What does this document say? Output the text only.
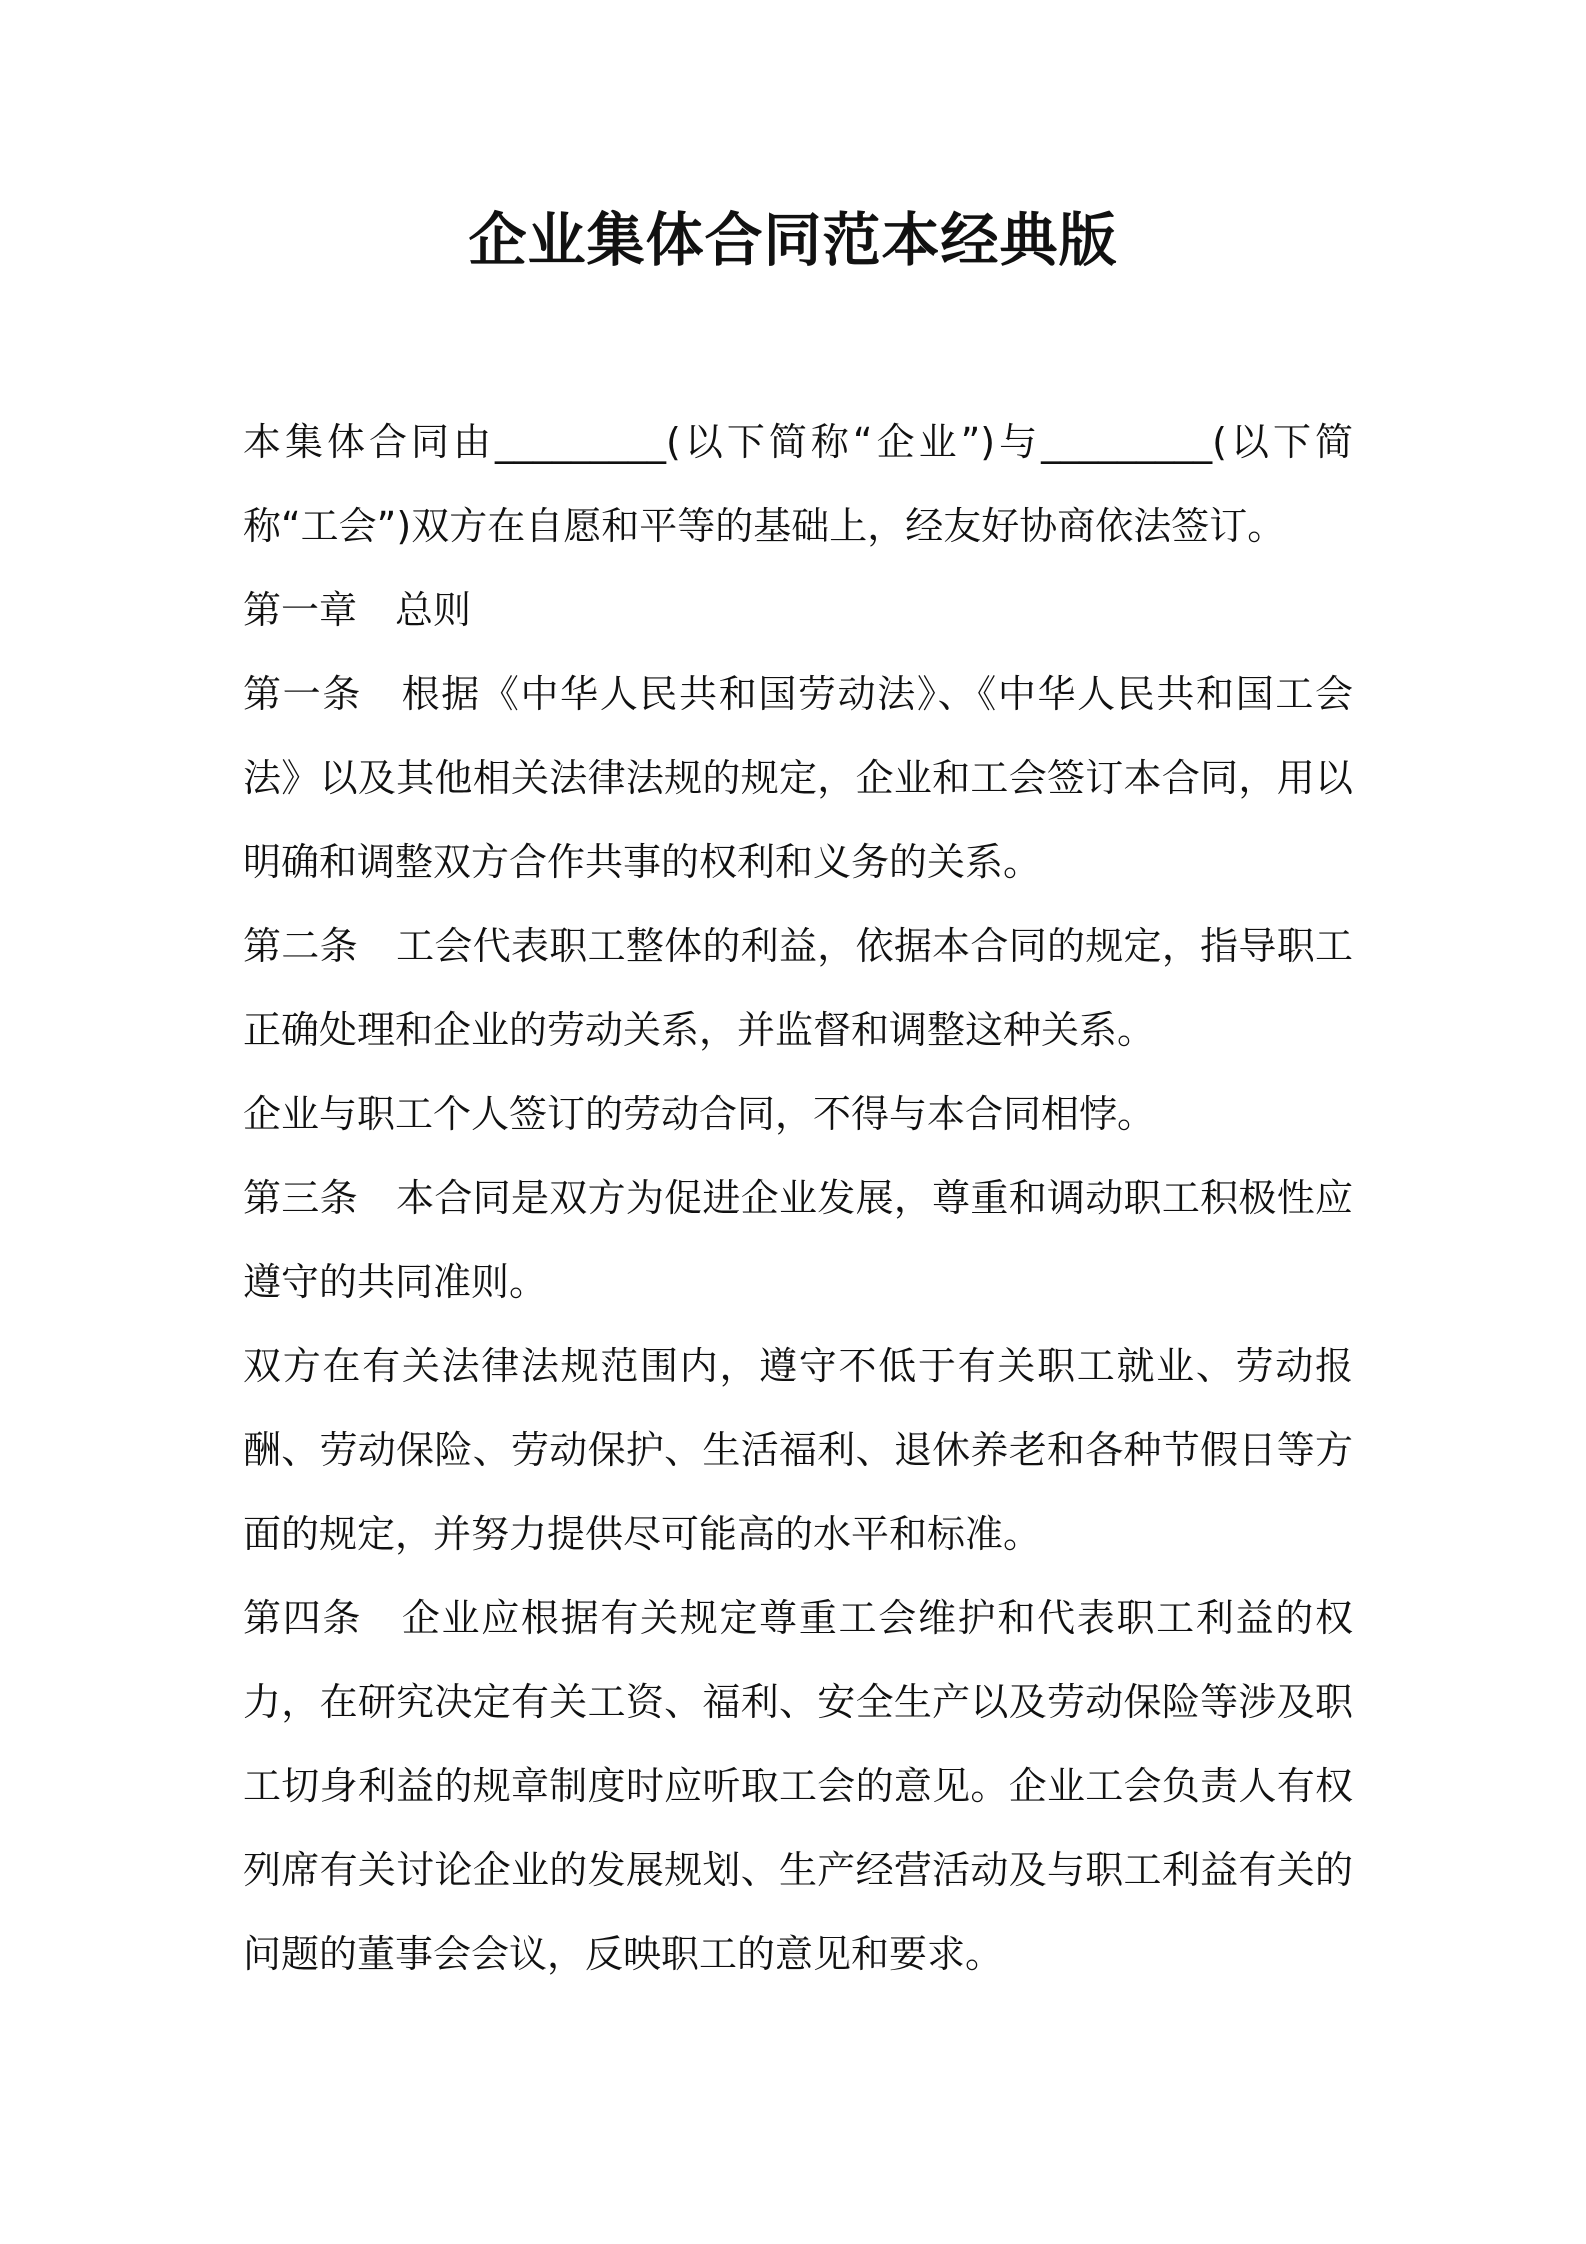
企业集体合同范本经典版

本集体合同由_________(以下简称“企业”)与_________(以下简称“工会”)双方在自愿和平等的基础上，经友好协商依法签订。

第一章　总则

第一条　根据《中华人民共和国劳动法》、《中华人民共和国工会法》以及其他相关法律法规的规定，企业和工会签订本合同，用以明确和调整双方合作共事的权利和义务的关系。

第二条　工会代表职工整体的利益，依据本合同的规定，指导职工正确处理和企业的劳动关系，并监督和调整这种关系。

企业与职工个人签订的劳动合同，不得与本合同相悖。

第三条　本合同是双方为促进企业发展，尊重和调动职工积极性应遵守的共同准则。

双方在有关法律法规范围内，遵守不低于有关职工就业、劳动报酬、劳动保险、劳动保护、生活福利、退休养老和各种节假日等方面的规定，并努力提供尽可能高的水平和标准。

第四条　企业应根据有关规定尊重工会维护和代表职工利益的权力，在研究决定有关工资、福利、安全生产以及劳动保险等涉及职工切身利益的规章制度时应听取工会的意见。企业工会负责人有权列席有关讨论企业的发展规划、生产经营活动及与职工利益有关的问题的董事会会议，反映职工的意见和要求。
